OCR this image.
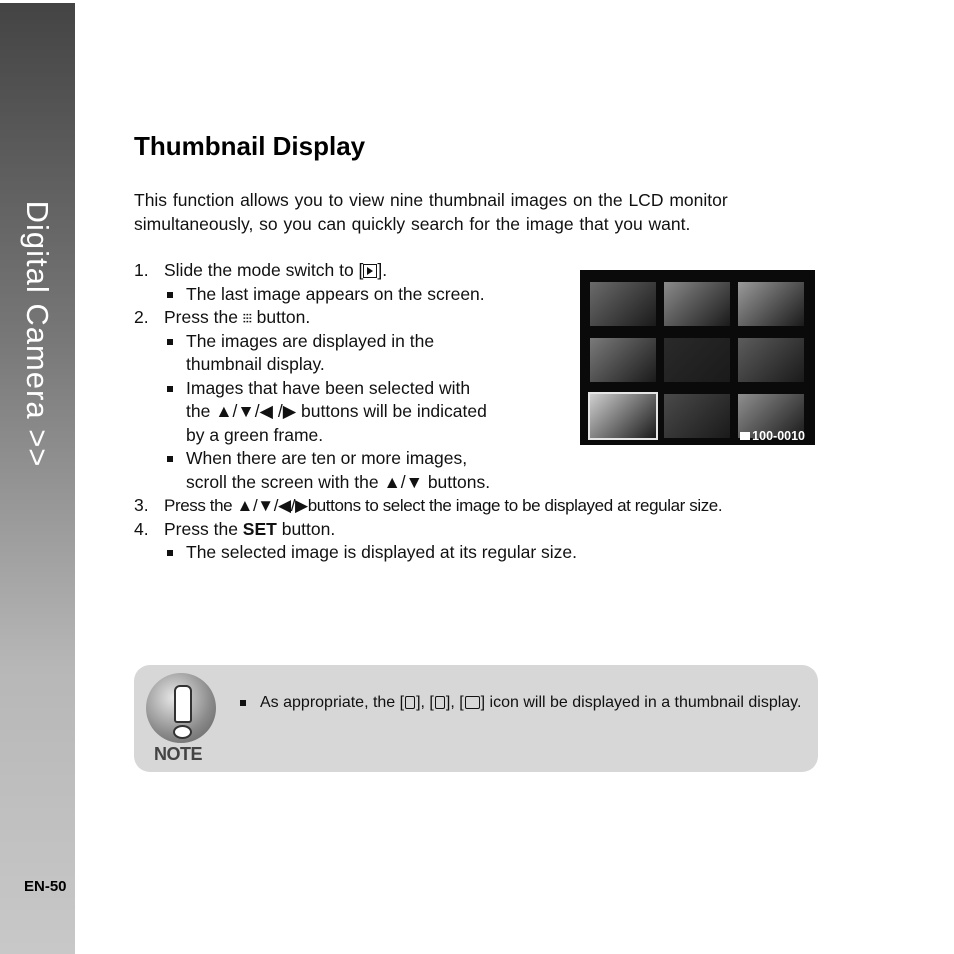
Digital Camera >>
EN-50
Thumbnail Display
This function allows you to view nine thumbnail images on the LCD monitor simultaneously, so you can quickly search for the image that you want.
1. Slide the mode switch to [ ].
The last image appears on the screen.
2. Press the ⫶⫶⫶ button.
The images are displayed in the
thumbnail display.
Images that have been selected with
the ▲/▼/◀ /▶ buttons will be indicated
by a green frame.
When there are ten or more images,
scroll the screen with the ▲/▼ buttons.
3. Press the ▲/▼/◀/▶buttons to select the image to be displayed at regular size.
4. Press the SET button.
The selected image is displayed at its regular size.
100-0010
NOTE
As appropriate, the [ ], [ ], [ ] icon will be displayed in a thumbnail display.
